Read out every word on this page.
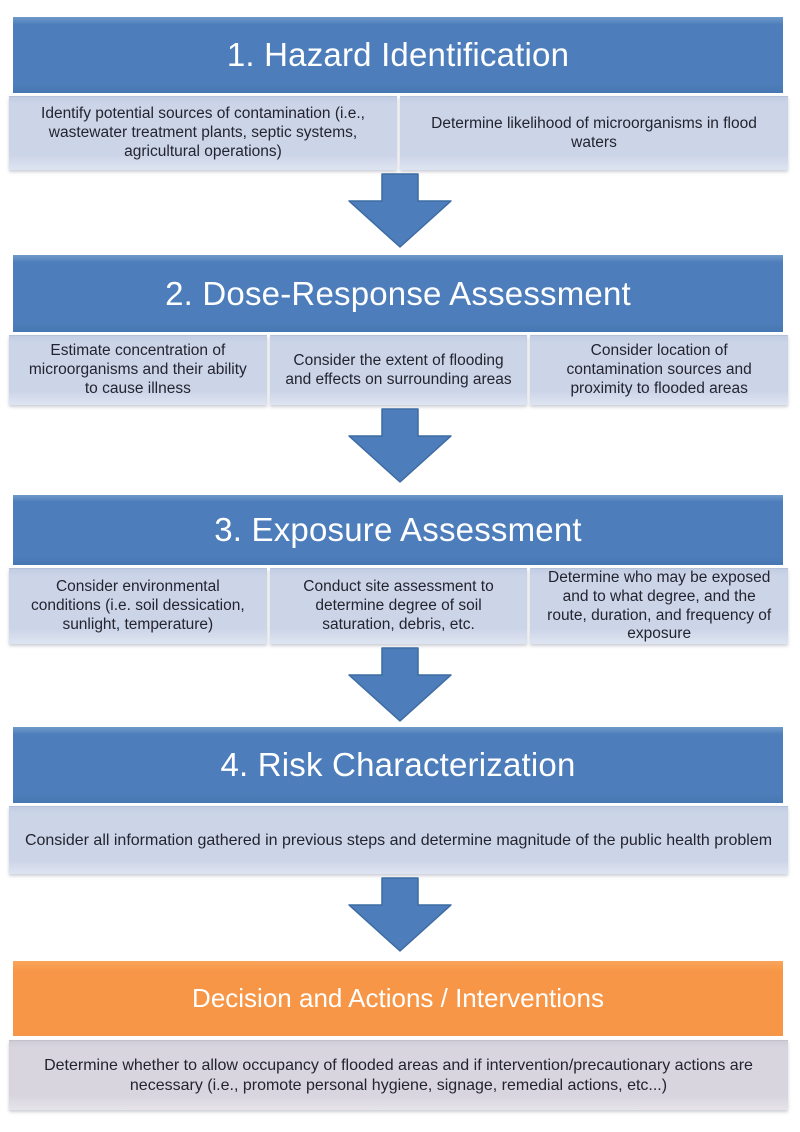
1. Hazard Identification
Identify potential sources of contamination (i.e., wastewater treatment plants, septic systems, agricultural operations)
Determine likelihood of microorganisms in flood waters
2. Dose-Response Assessment
Estimate concentration of microorganisms and their ability to cause illness
Consider the extent of flooding and effects on surrounding areas
Consider location of contamination sources and proximity to flooded areas
3. Exposure Assessment
Consider environmental conditions (i.e. soil dessication, sunlight, temperature)
Conduct site assessment to determine degree of soil saturation, debris, etc.
Determine who may be exposed and to what degree, and the route, duration, and frequency of exposure
4. Risk Characterization
Consider all information gathered in previous steps and determine magnitude of the public health problem
Decision and Actions / Interventions
Determine whether to allow occupancy of flooded areas and if intervention/precautionary actions are necessary (i.e., promote personal hygiene, signage, remedial actions, etc...)
